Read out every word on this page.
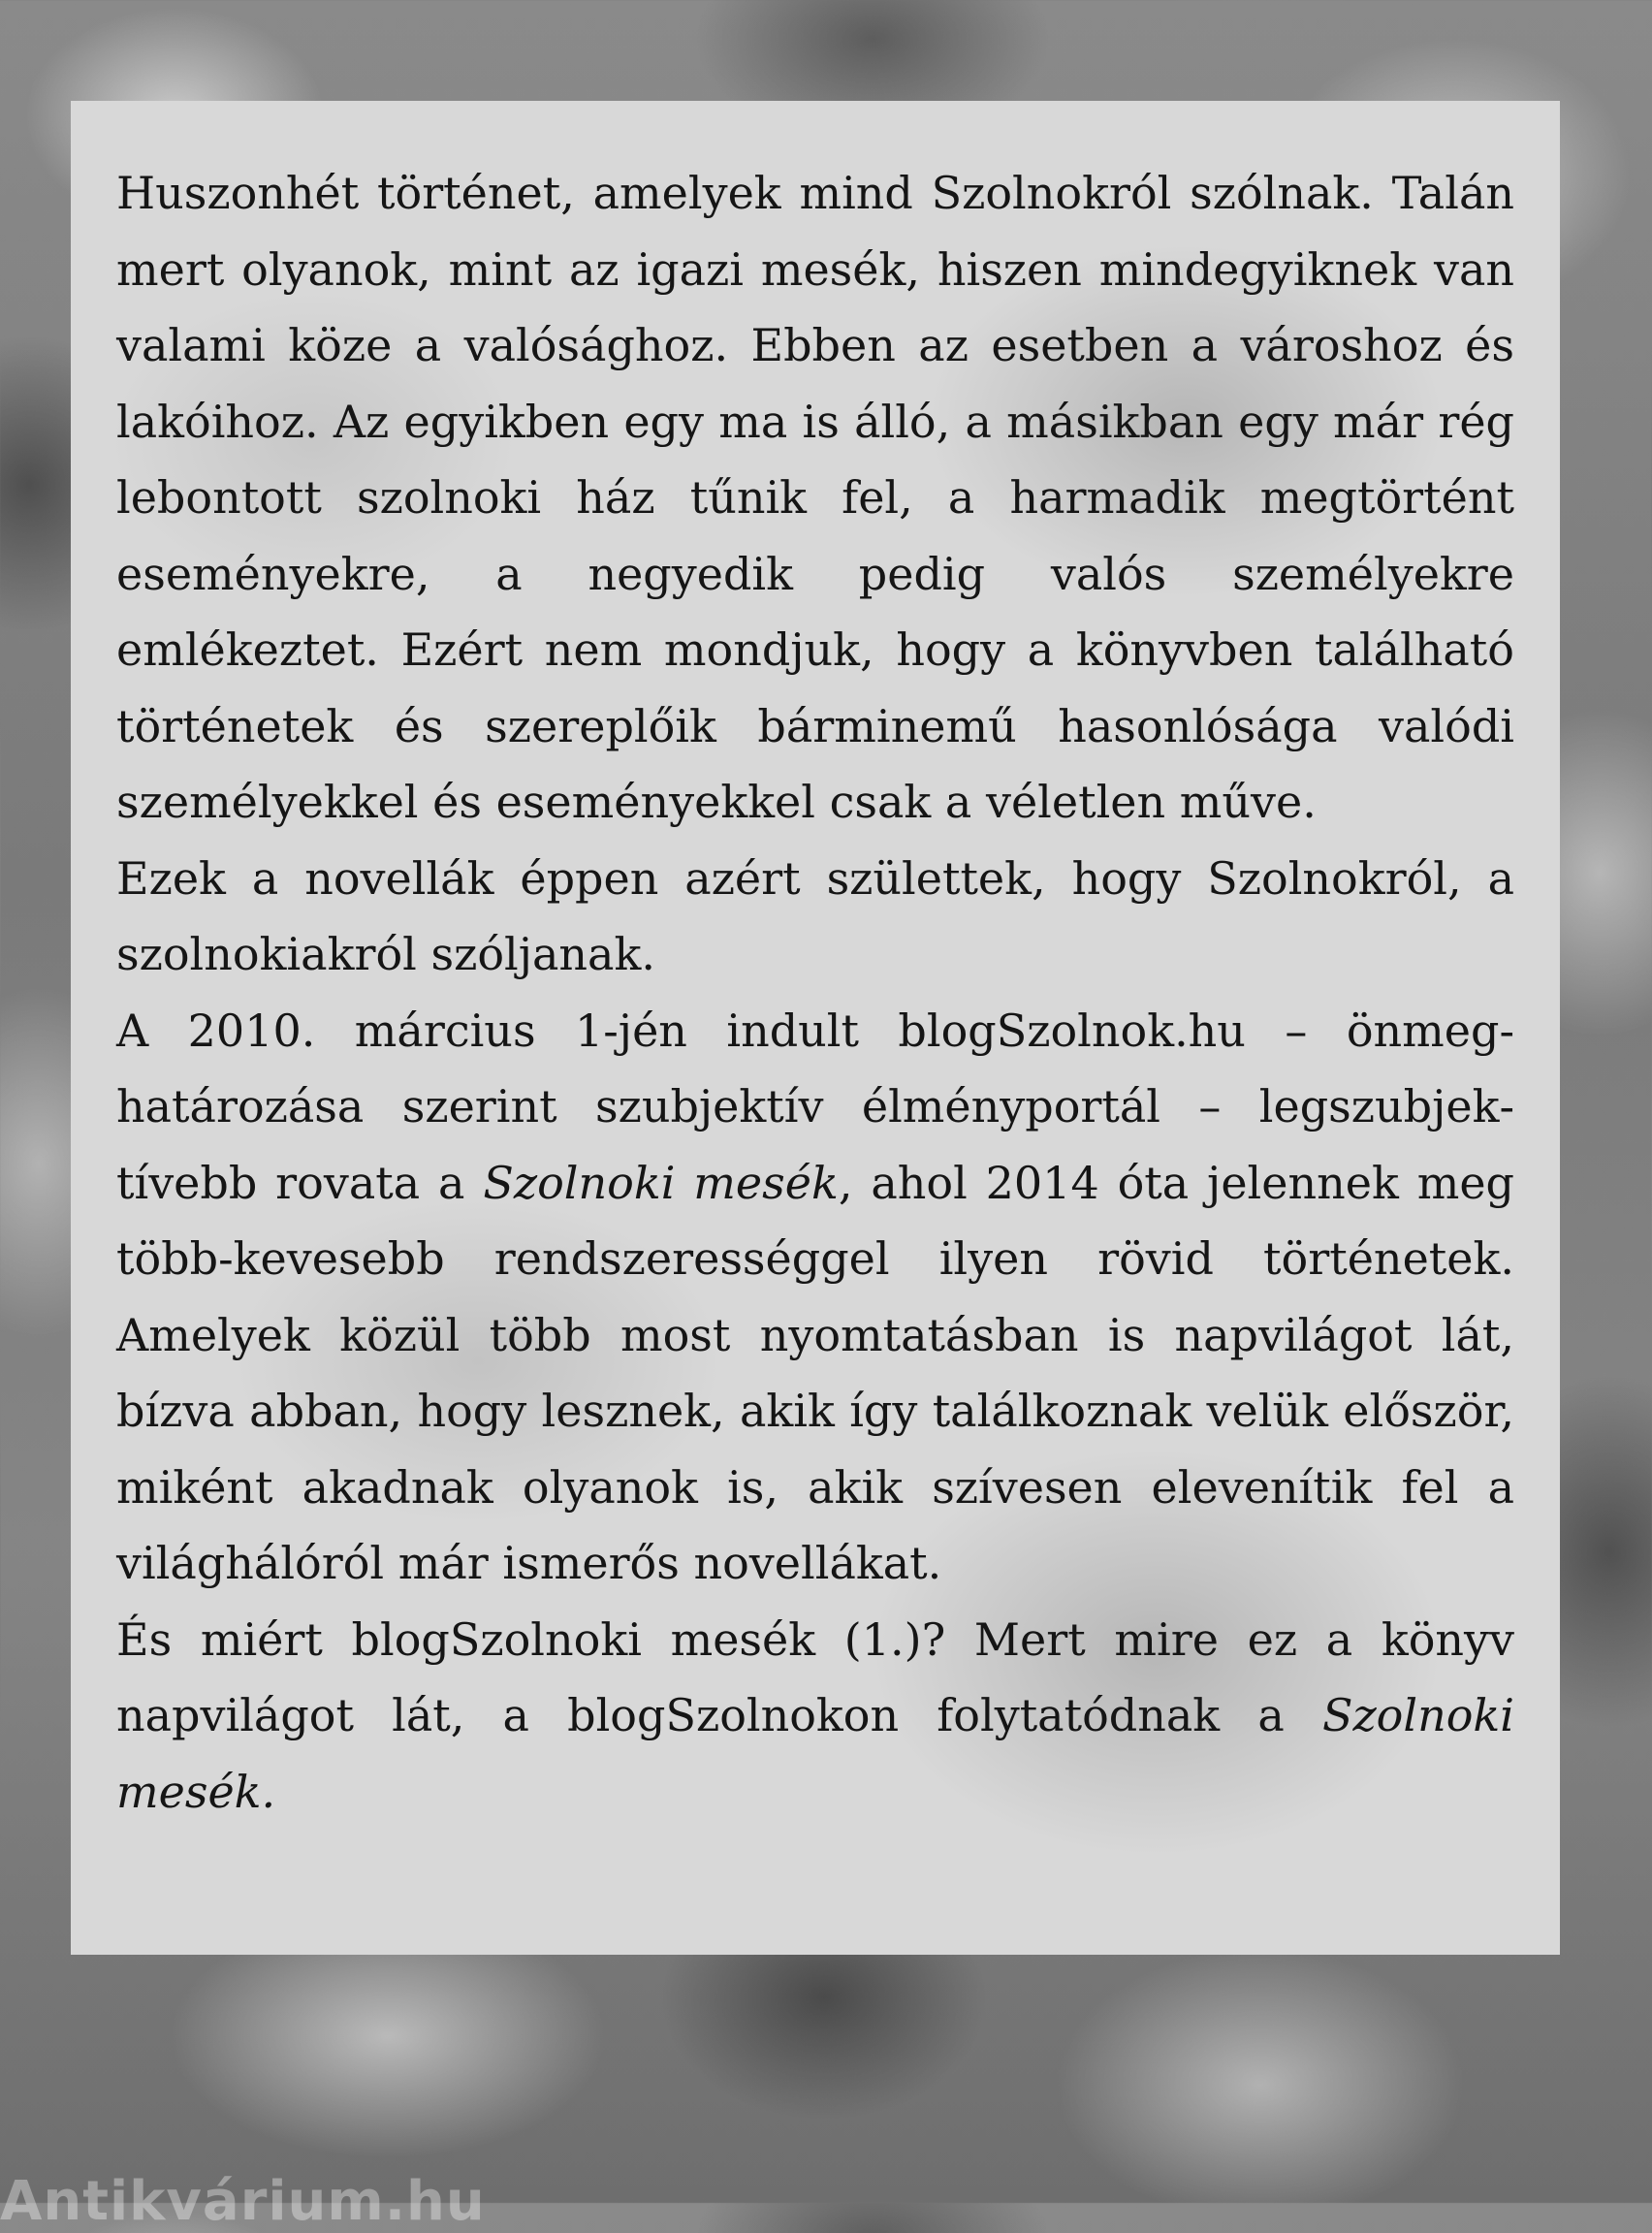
Huszonhét történet, amelyek mind Szolnokról szólnak. Talán mert olyanok, mint az igazi mesék, hiszen mindegyiknek van valami köze a valósághoz. Ebben az esetben a városhoz és lakóihoz. Az egyikben egy ma is álló, a másikban egy már rég lebontott szolnoki ház tűnik fel, a harmadik megtörtént eseményekre, a negyedik pedig valós személyekre emlékeztet. Ezért nem mondjuk, hogy a könyvben található történetek és szereplőik bárminemű hasonlósága valódi személyekkel és eseményekkel csak a véletlen műve.

Ezek a novellák éppen azért születtek, hogy Szolnokról, a szolnokiakról szóljanak.

A 2010. március 1-jén indult blogSzolnok.hu – önmeghatározása szerint szubjektív élményportál – legszubjektívebb rovata a Szolnoki mesék, ahol 2014 óta jelennek meg több-kevesebb rendszerességgel ilyen rövid történetek. Amelyek közül több most nyomtatásban is napvilágot lát, bízva abban, hogy lesznek, akik így találkoznak velük először, miként akadnak olyanok is, akik szívesen elevenítik fel a világhálóról már ismerős novellákat.

És miért blogSzolnoki mesék (1.)? Mert mire ez a könyv napvilágot lát, a blogSzolnokon folytatódnak a Szolnoki mesék.

Antikvárium.hu
